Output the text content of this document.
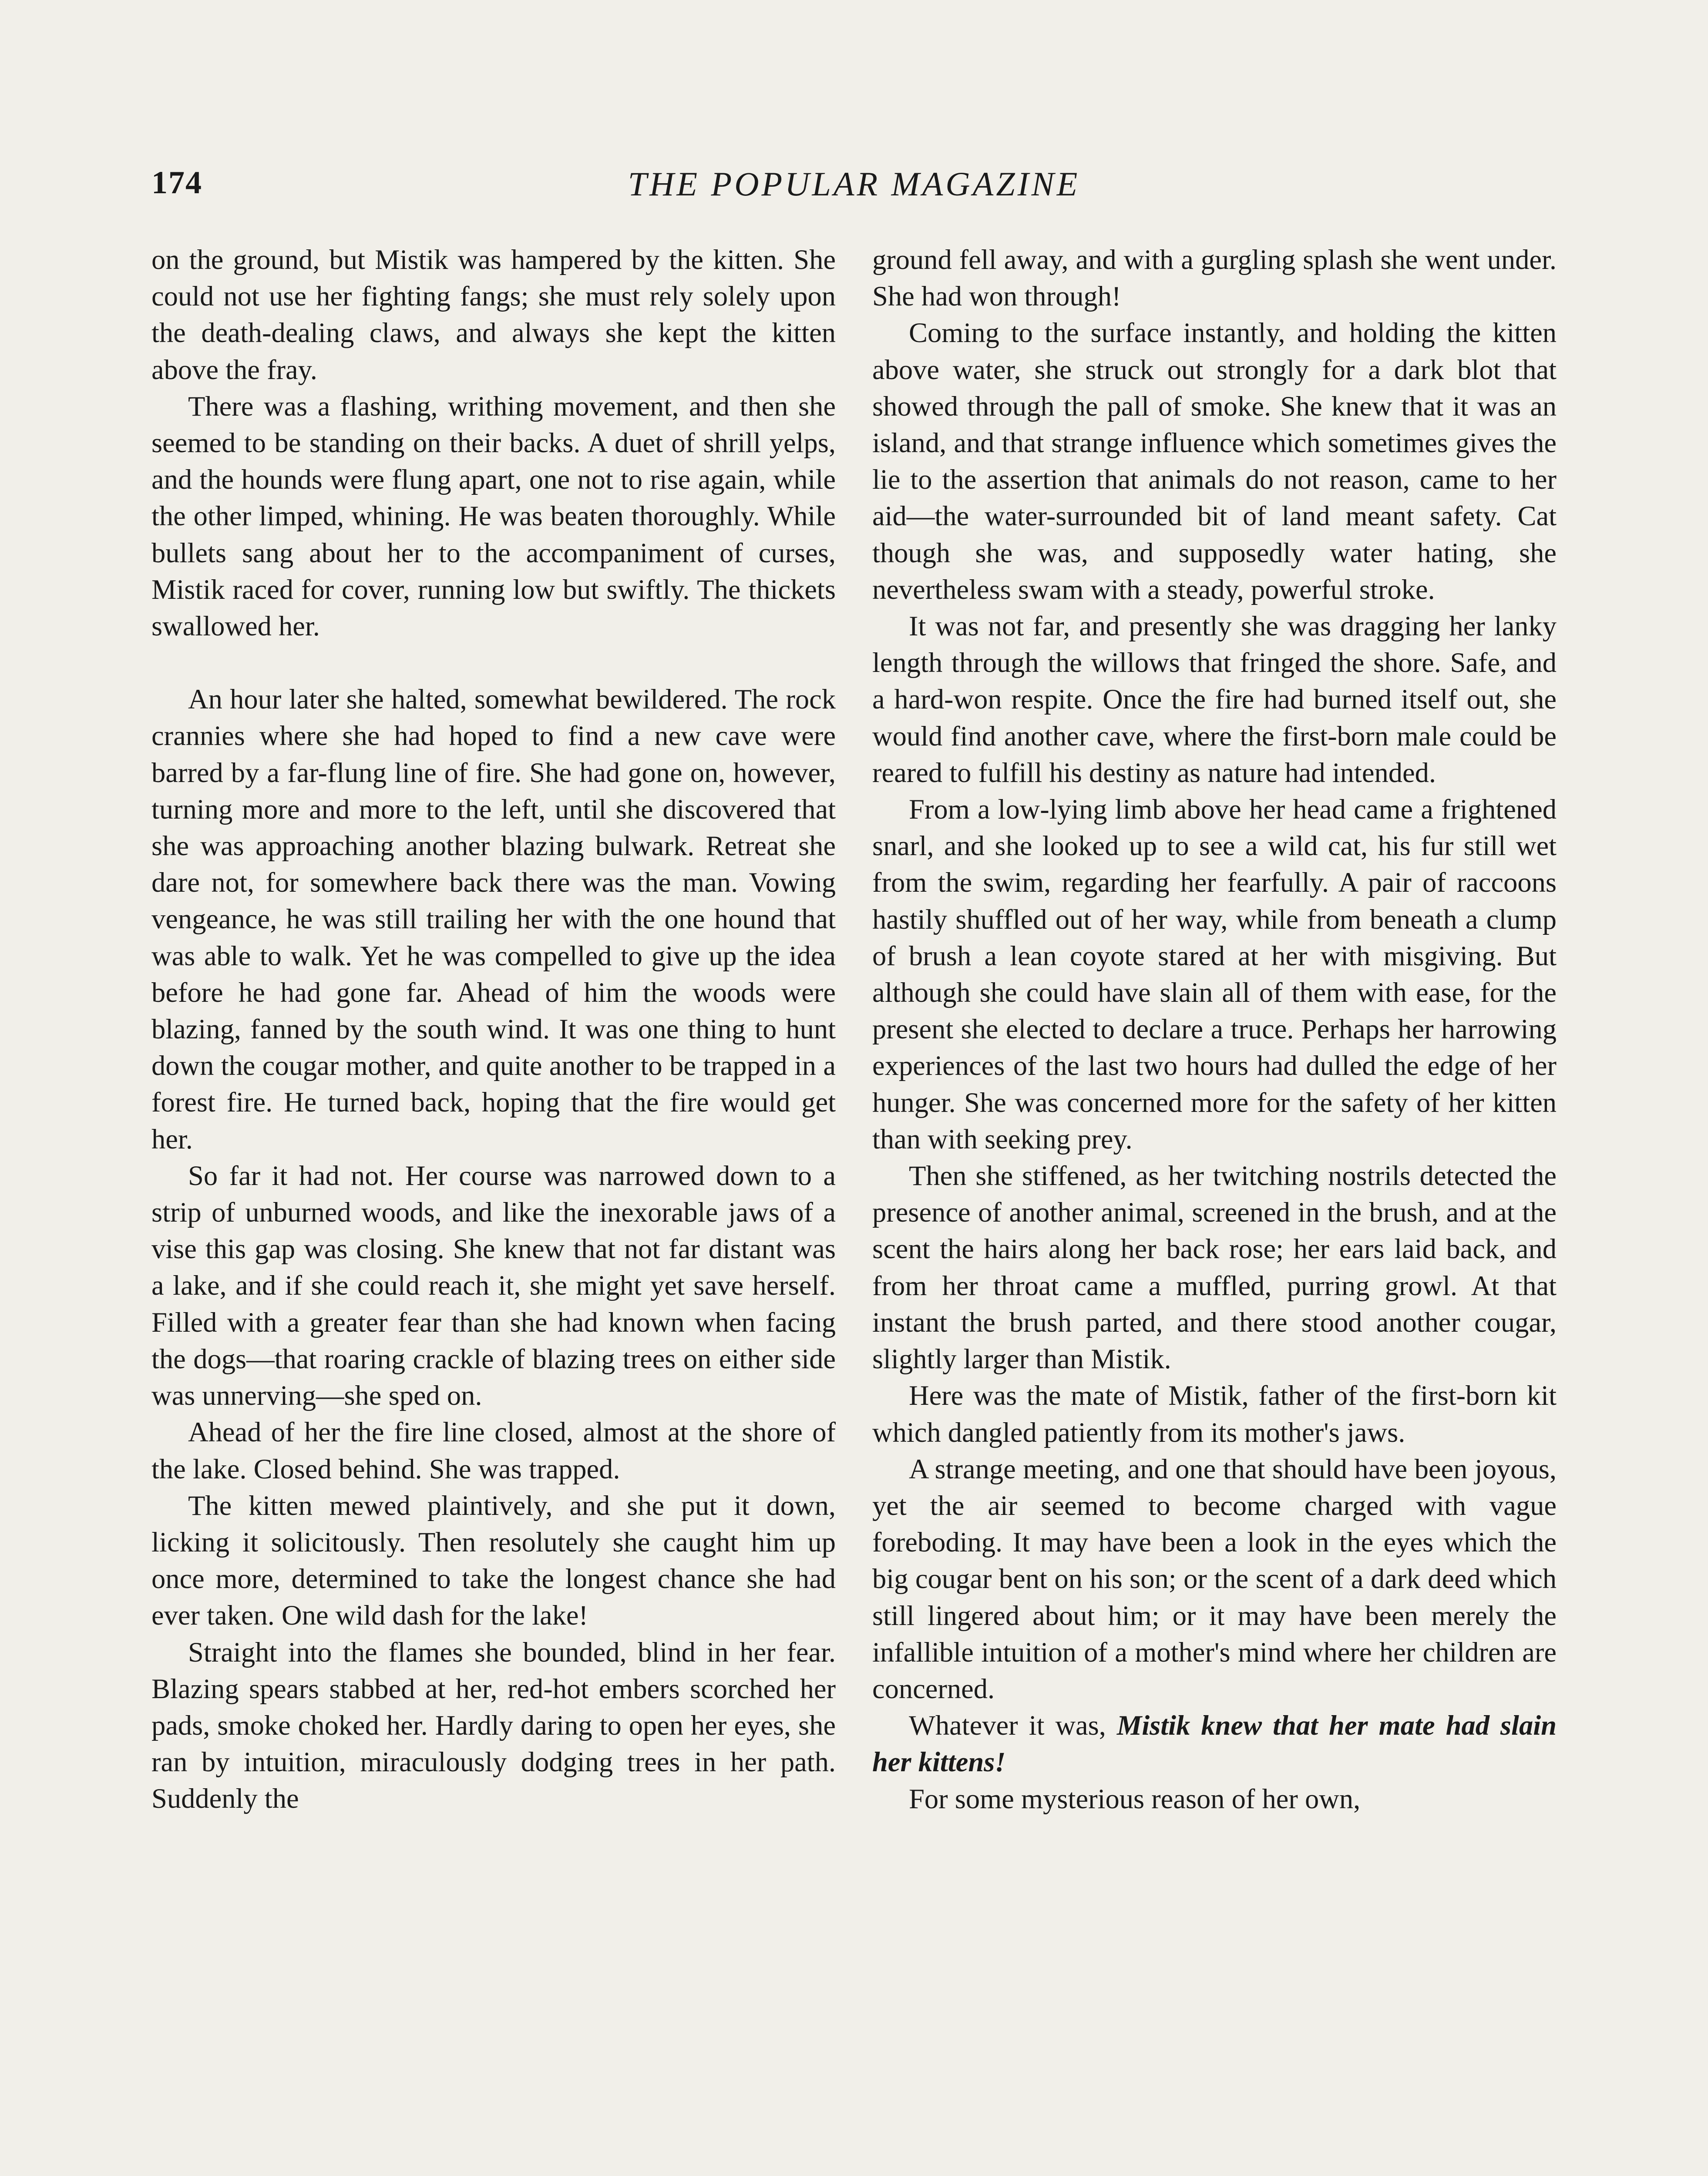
174	THE POPULAR MAGAZINE

on the ground, but Mistik was hampered by the kitten. She could not use her fighting fangs; she must rely solely upon the death-dealing claws, and always she kept the kitten above the fray.

There was a flashing, writhing movement, and then she seemed to be standing on their backs. A duet of shrill yelps, and the hounds were flung apart, one not to rise again, while the other limped, whining. He was beaten thoroughly. While bullets sang about her to the accompaniment of curses, Mistik raced for cover, running low but swiftly. The thickets swallowed her.

An hour later she halted, somewhat bewildered. The rock crannies where she had hoped to find a new cave were barred by a far-flung line of fire. She had gone on, however, turning more and more to the left, until she discovered that she was approaching another blazing bulwark. Retreat she dare not, for somewhere back there was the man. Vowing vengeance, he was still trailing her with the one hound that was able to walk. Yet he was compelled to give up the idea before he had gone far. Ahead of him the woods were blazing, fanned by the south wind. It was one thing to hunt down the cougar mother, and quite another to be trapped in a forest fire. He turned back, hoping that the fire would get her.

So far it had not. Her course was narrowed down to a strip of unburned woods, and like the inexorable jaws of a vise this gap was closing. She knew that not far distant was a lake, and if she could reach it, she might yet save herself. Filled with a greater fear than she had known when facing the dogs—that roaring crackle of blazing trees on either side was unnerving—she sped on.

Ahead of her the fire line closed, almost at the shore of the lake. Closed behind. She was trapped.

The kitten mewed plaintively, and she put it down, licking it solicitously. Then resolutely she caught him up once more, determined to take the longest chance she had ever taken. One wild dash for the lake!

Straight into the flames she bounded, blind in her fear. Blazing spears stabbed at her, red-hot embers scorched her pads, smoke choked her. Hardly daring to open her eyes, she ran by intuition, miraculously dodging trees in her path. Suddenly the

ground fell away, and with a gurgling splash she went under. She had won through!

Coming to the surface instantly, and holding the kitten above water, she struck out strongly for a dark blot that showed through the pall of smoke. She knew that it was an island, and that strange influence which sometimes gives the lie to the assertion that animals do not reason, came to her aid—the water-surrounded bit of land meant safety. Cat though she was, and supposedly water hating, she nevertheless swam with a steady, powerful stroke.

It was not far, and presently she was dragging her lanky length through the willows that fringed the shore. Safe, and a hard-won respite. Once the fire had burned itself out, she would find another cave, where the first-born male could be reared to fulfill his destiny as nature had intended.

From a low-lying limb above her head came a frightened snarl, and she looked up to see a wild cat, his fur still wet from the swim, regarding her fearfully. A pair of raccoons hastily shuffled out of her way, while from beneath a clump of brush a lean coyote stared at her with misgiving. But although she could have slain all of them with ease, for the present she elected to declare a truce. Perhaps her harrowing experiences of the last two hours had dulled the edge of her hunger. She was concerned more for the safety of her kitten than with seeking prey.

Then she stiffened, as her twitching nostrils detected the presence of another animal, screened in the brush, and at the scent the hairs along her back rose; her ears laid back, and from her throat came a muffled, purring growl. At that instant the brush parted, and there stood another cougar, slightly larger than Mistik.

Here was the mate of Mistik, father of the first-born kit which dangled patiently from its mother's jaws.

A strange meeting, and one that should have been joyous, yet the air seemed to become charged with vague foreboding. It may have been a look in the eyes which the big cougar bent on his son; or the scent of a dark deed which still lingered about him; or it may have been merely the infallible intuition of a mother's mind where her children are concerned.

Whatever it was, Mistik knew that her mate had slain her kittens!

For some mysterious reason of her own,
